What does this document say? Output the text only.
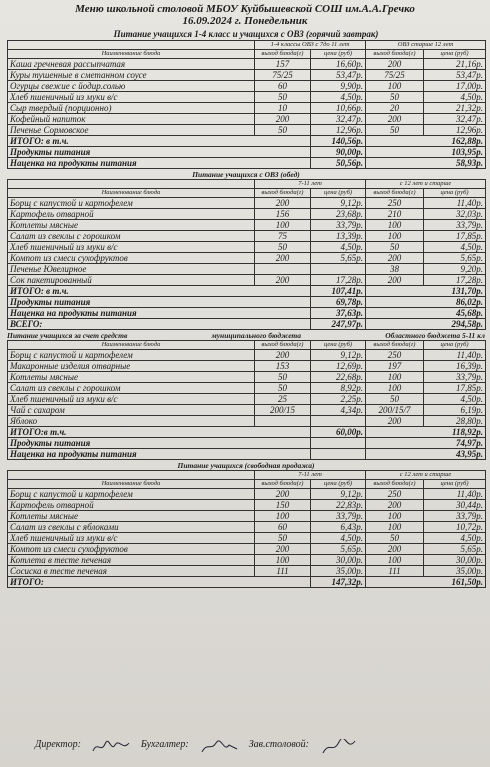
Меню школьной столовой МБОУ Куйбышевской СОШ им.А.А.Гречко
16.09.2024 г. Понедельник
Питание учащихся 1-4 класс и учащихся с ОВЗ (горячий завтрак)
	1-4 классы ОВЗ с 7до 11 лет		ОВЗ старше 12 лет	
Наименование блюда	выход блюда(г)	цена (руб)	выход блюда(г)	цена (руб)
Каша гречневая рассыпчатая	157	16,60р.	200	21,16р.
Куры тушенные в сметанном соусе	75/25	53,47р.	75/25	53,47р.
Огурцы свежие с йодир.солью	60	9,90р.	100	17,00р.
Хлеб пшеничный из муки в/с	50	4,50р.	50	4,50р.
Сыр твердый (порционно)	10	10,66р.	20	21,32р.
Кофейный напиток	200	32,47р.	200	32,47р.
Печенье Сормовское	50	12,96р.	50	12,96р.
ИТОГО: в т.ч.		140,56р.	162,88р.	
Продукты питания		90,00р.	103,95р.	
Наценка на продукты питания		50,56р.	58,93р.	
Питание учащихся с ОВЗ (обед)
	7-11 лет		с 12 лет и старше	
Наименование блюда	выход блюда(г)	цена (руб)	выход блюда(г)	цена (руб)
Борщ с капустой и картофелем	200	9,12р.	250	11,40р.
Картофель отварной	156	23,68р.	210	32,03р.
Котлеты мясные	100	33,79р.	100	33,79р.
Салат из свеклы с горошком	75	13,39р.	100	17,85р.
Хлеб пшеничный из муки в/с	50	4,50р.	50	4,50р.
Компот из смеси сухофруктов	200	5,65р.	200	5,65р.
Печенье Ювелирное			38	9,20р.
Сок пакетированный	200	17,28р.	200	17,28р.
ИТОГО: в т.ч.		107,41р.	131,70р.	
Продукты питания		69,78р.	86,02р.	
Наценка на продукты питания		37,63р.	45,68р.	
ВСЕГО:		247,97р.	294,58р.	
Питание учащихся за счет средств	муниципального бюджета	Областного бюджета 5-11 кл
Наименование блюда	выход блюда(г)	цена (руб)	выход блюда(г)	цена (руб)
Борщ с капустой и картофелем	200	9,12р.	250	11,40р.
Макаронные изделия отварные	153	12,69р.	197	16,39р.
Котлеты мясные	50	22,68р.	100	33,79р.
Салат из свеклы с горошком	50	8,92р.	100	17,85р.
Хлеб пшеничный из муки в/с	25	2,25р.	50	4,50р.
Чай с сахаром	200/15	4,34р.	200/15/7	6,19р.
Яблоко			200	28,80р.
ИТОГО:в т.ч.		60,00р.	118,92р.	
Продукты питания			74,97р.	
Наценка на продукты питания			43,95р.	
Питание учащихся (свободная продажа)
	7-11 лет		с 12 лет и старше	
Наименование блюда	выход блюда(г)	цена (руб)	выход блюда(г)	цена (руб)
Борщ с капустой и картофелем	200	9,12р.	250	11,40р.
Картофель отварной	150	22,83р.	200	30,44р.
Котлеты мясные	100	33,79р.	100	33,79р.
Салат из свеклы с яблоками	60	6,43р.	100	10,72р.
Хлеб пшеничный из муки в/с	50	4,50р.	50	4,50р.
Компот из смеси сухофруктов	200	5,65р.	200	5,65р.
Котлета в тесте печеная	100	30,00р.	100	30,00р.
Сосиска в тесте печеная	111	35,00р.	111	35,00р.
ИТОГО:		147,32р.	161,50р.	
Директор:	Бухгалтер:	Зав.столовой:
